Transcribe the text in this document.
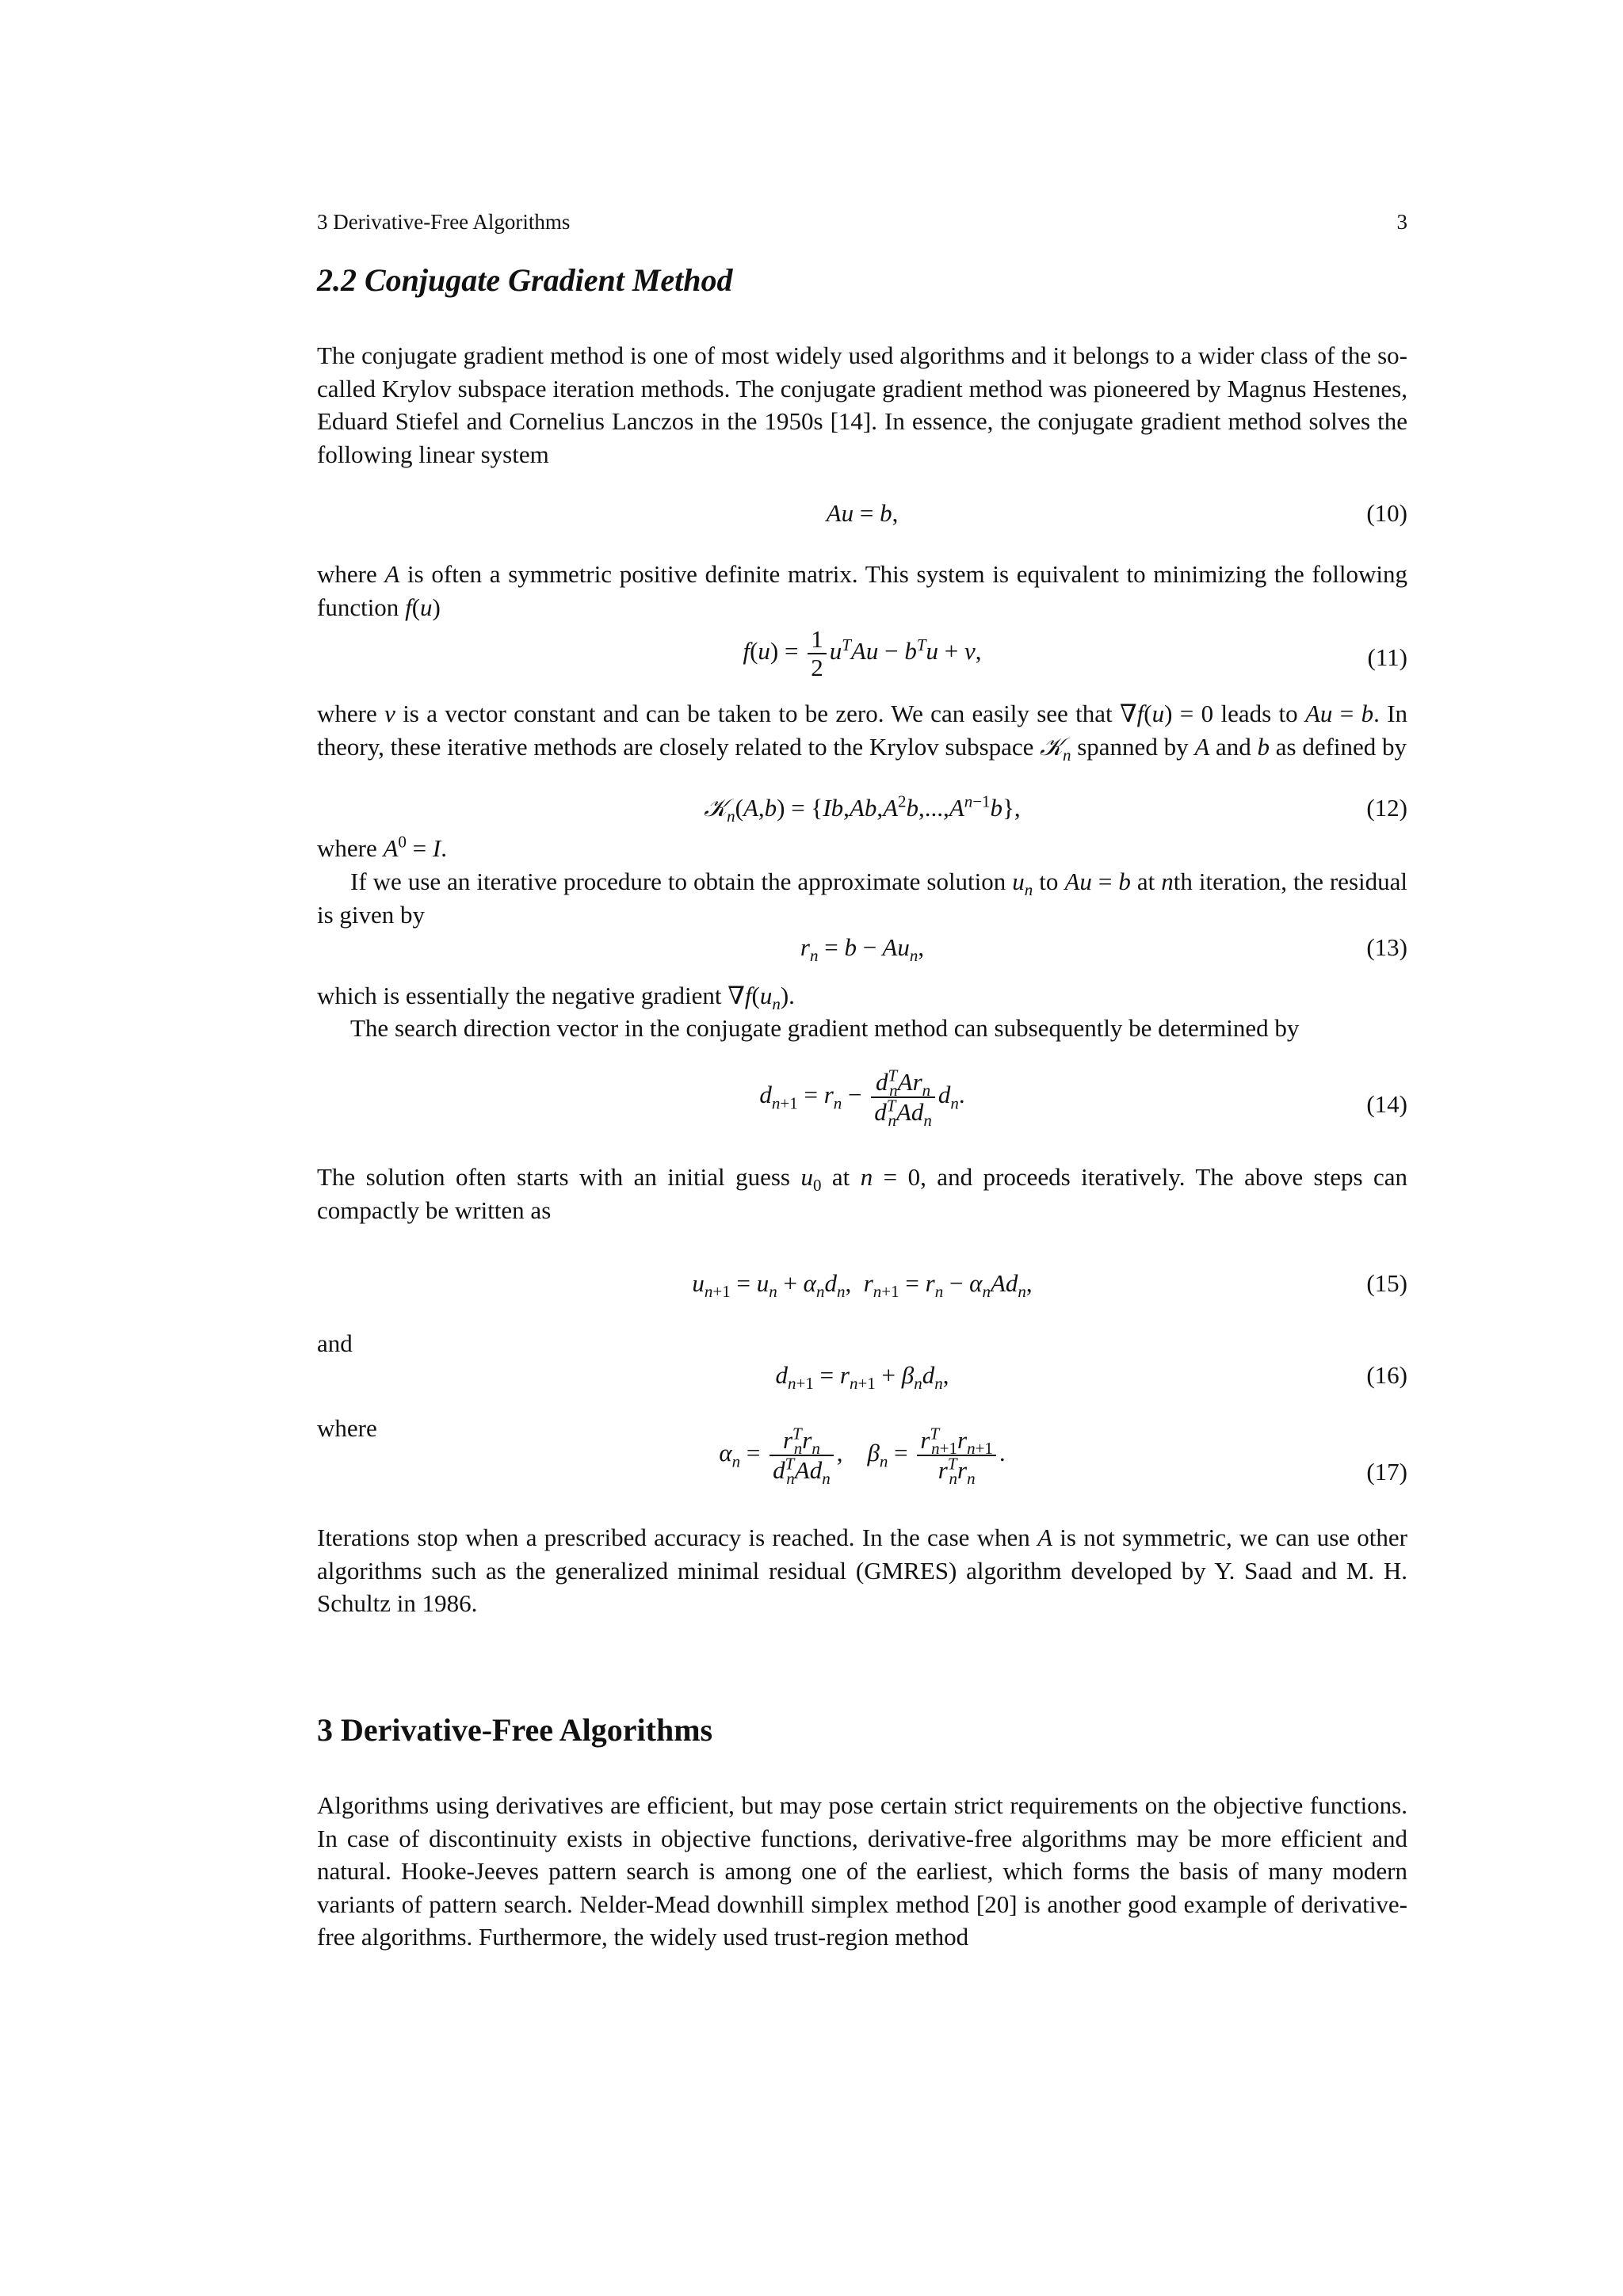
3 Derivative-Free Algorithms	3
2.2 Conjugate Gradient Method

The conjugate gradient method is one of most widely used algorithms and it belongs to a wider class of the so-called Krylov subspace iteration methods. The conjugate gradient method was pioneered by Magnus Hestenes, Eduard Stiefel and Cornelius Lanczos in the 1950s [14]. In essence, the conjugate gradient method solves the following linear system

Au = b,	(10)

where A is often a symmetric positive definite matrix. This system is equivalent to minimizing the following function f(u)

$f(u) = \frac{1}{2} u^TAu - b^Tu + v$,	(11)

where v is a vector constant and can be taken to be zero. We can easily see that ∇f(u) = 0 leads to Au = b. In theory, these iterative methods are closely related to the Krylov subspace 𝒦$_n$ spanned by A and b as defined by

𝒦$_n$(A,b) = $\{Ib,Ab,A^2b,...,A^{n-1}b\}$,	(12)

where $A^0 = I$.

If we use an iterative procedure to obtain the approximate solution $u_n$ to Au = b at nth iteration, the residual is given by

$r_n = b - Au_n$,	(13)

which is essentially the negative gradient $\nabla f(u_n)$.

The search direction vector in the conjugate gradient method can subsequently be determined by

$d_{n+1} = r_n - \frac{d^T_nAr_n}{d^T_nAd_n} d_n$.	(14)

The solution often starts with an initial guess $u_0$ at n = 0, and proceeds iteratively. The above steps can compactly be written as

$u_{n+1} = u_n + \alpha_nd_n$,  $r_{n+1} = r_n - \alpha_nAd_n$,	(15)

and

$d_{n+1} = r_{n+1} + \beta_nd_n$,	(16)

where

$\alpha_n = \frac{r^T_nr_n}{d^T_nAd_n}$ ,    $\beta_n = \frac{r^T_{n+1}r_{n+1}}{r^T_nr_n}$ .
(17)

Iterations stop when a prescribed accuracy is reached. In the case when A is not symmetric, we can use other algorithms such as the generalized minimal residual (GMRES) algorithm developed by Y. Saad and M. H. Schultz in 1986.

3 Derivative-Free Algorithms

Algorithms using derivatives are efficient, but may pose certain strict requirements on the objective functions. In case of discontinuity exists in objective functions, derivative-free algorithms may be more efficient and natural. Hooke-Jeeves pattern search is among one of the earliest, which forms the basis of many modern variants of pattern search. Nelder-Mead downhill simplex method [20] is another good example of derivative-free algorithms. Furthermore, the widely used trust-region method
